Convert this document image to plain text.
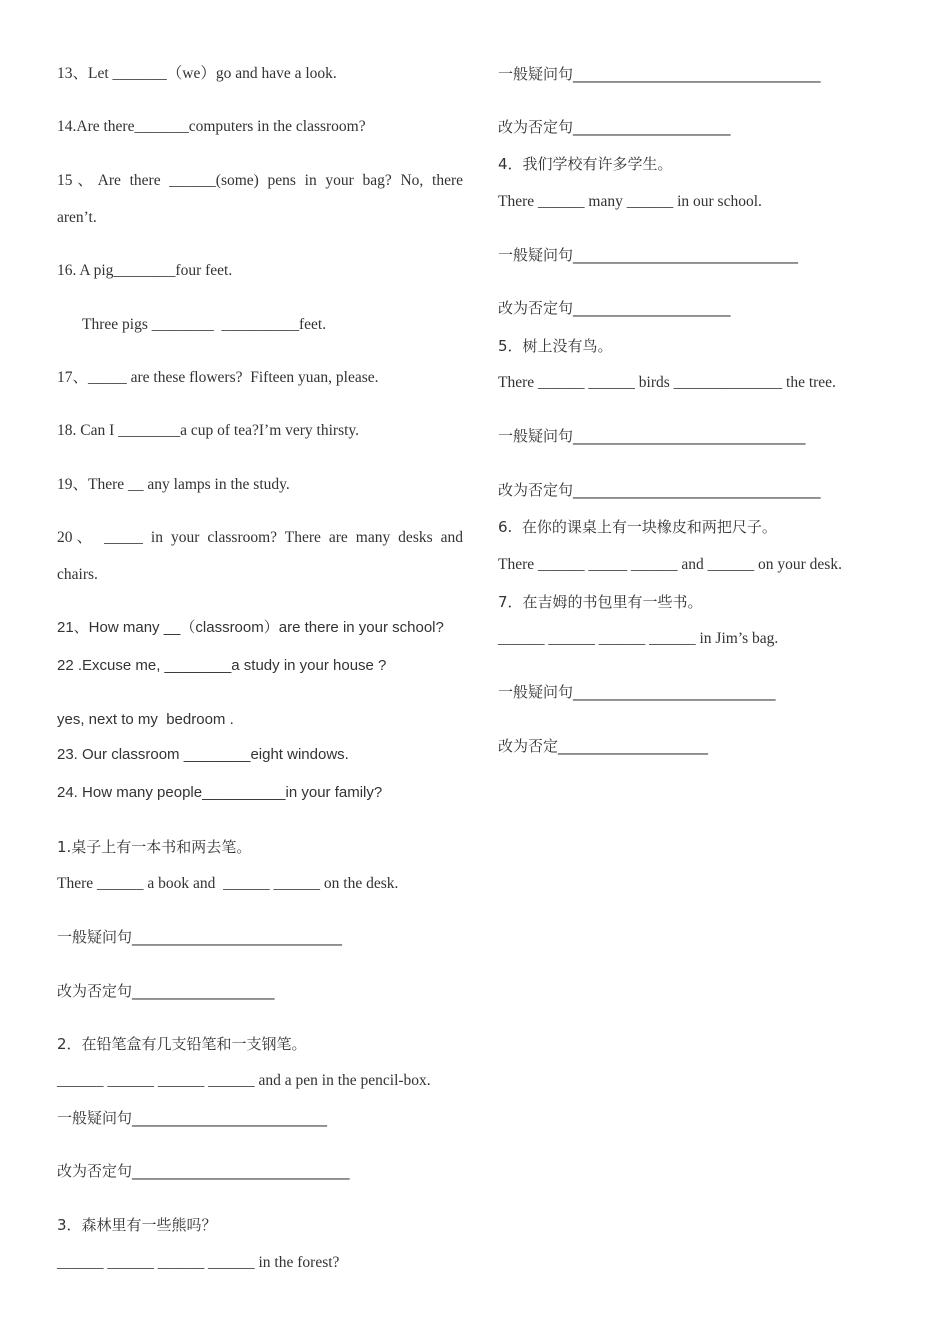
13、Let _______（we）go and have a look.
14.Are there_______computers in the classroom?
15、Are there ______(some) pens in your bag? No, there
aren’t.
16. A pig________four feet.
Three pigs ________  __________feet.
17、_____ are these flowers?  Fifteen yuan, please.
18. Can I ________a cup of tea?I’m very thirsty.
19、There __ any lamps in the study.
20、 _____ in your classroom? There are many desks and
chairs.
21、How many __（classroom）are there in your school?
22 .Excuse me, ________a study in your house ?
yes, next to my  bedroom .
23. Our classroom ________eight windows.
24. How many people__________in your family?
1.桌子上有一本书和两去笔。
There ______ a book and  ______ ______ on the desk.
一般疑问句____________________________
改为否定句___________________
2．在铅笔盒有几支铅笔和一支钢笔。
______ ______ ______ ______ and a pen in the pencil-box.
一般疑问句__________________________
改为否定句_____________________________
3．森林里有一些熊吗？
______ ______ ______ ______ in the forest?
一般疑问句_________________________________
改为否定句_____________________
4．我们学校有许多学生。
There ______ many ______ in our school.
一般疑问句______________________________
改为否定句_____________________
5．树上没有鸟。
There ______ ______ birds ______________ the tree.
一般疑问句_______________________________
改为否定句_________________________________
6.  在你的课桌上有一块橡皮和两把尺子。
There ______ _____ ______ and ______ on your desk.
7．在吉姆的书包里有一些书。
______ ______ ______ ______ in Jim’s bag.
一般疑问句___________________________
改为否定____________________
